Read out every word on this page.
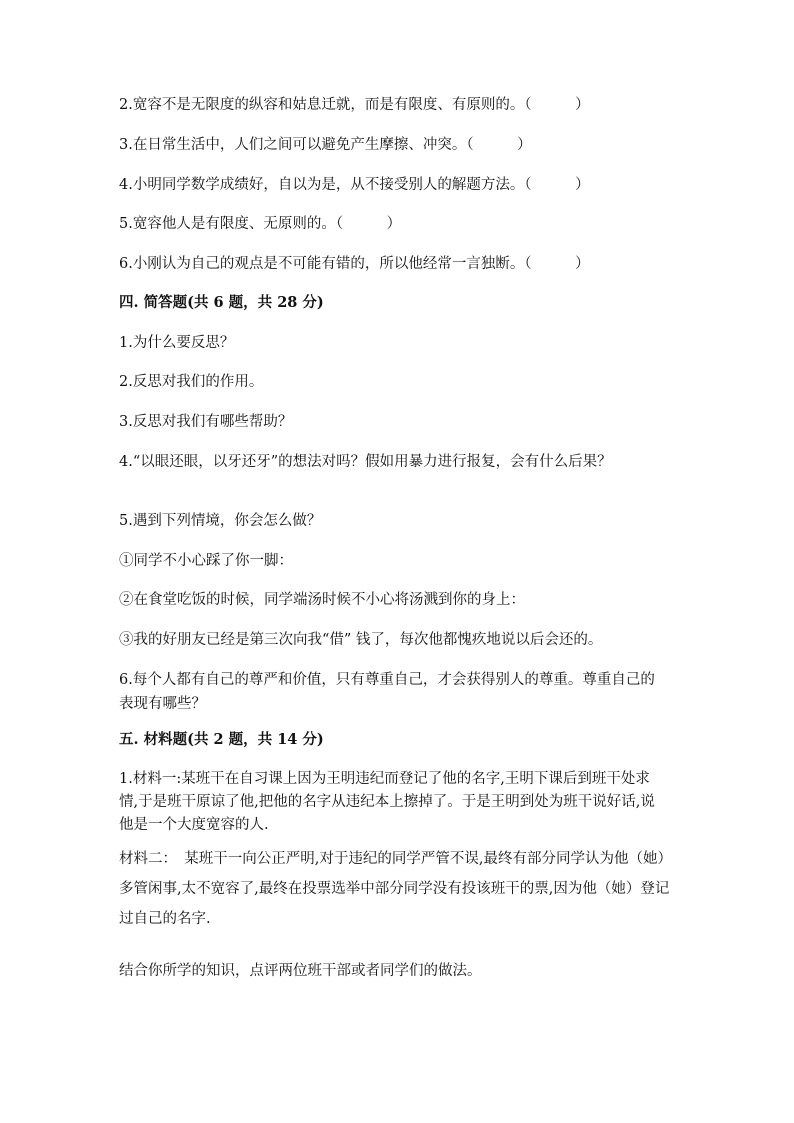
2.宽容不是无限度的纵容和姑息迁就，而是有限度、有原则的。（　　　）
3.在日常生活中，人们之间可以避免产生摩擦、冲突。（　　　）
4.小明同学数学成绩好，自以为是，从不接受别人的解题方法。（　　　）
5.宽容他人是有限度、无原则的。（　　　）
6.小刚认为自己的观点是不可能有错的，所以他经常一言独断。（　　　）
四. 简答题(共 6 题，共 28 分)
1.为什么要反思？
2.反思对我们的作用。
3.反思对我们有哪些帮助？
4.“以眼还眼，以牙还牙”的想法对吗？假如用暴力进行报复，会有什么后果？
5.遇到下列情境，你会怎么做？
①同学不小心踩了你一脚：
②在食堂吃饭的时候，同学端汤时候不小心将汤溅到你的身上：
③我的好朋友已经是第三次向我“借” 钱了，每次他都愧疚地说以后会还的。
6.每个人都有自己的尊严和价值，只有尊重自己，才会获得别人的尊重。尊重自己的表现有哪些？
五. 材料题(共 2 题，共 14 分)
1.材料一:某班干在自习课上因为王明违纪而登记了他的名字,王明下课后到班干处求情,于是班干原谅了他,把他的名字从违纪本上擦掉了。于是王明到处为班干说好话,说他是一个大度宽容的人.
材料二：　某班干一向公正严明,对于违纪的同学严管不误,最终有部分同学认为他（她）多管闲事,太不宽容了,最终在投票选举中部分同学没有投该班干的票,因为他（她）登记过自己的名字.
结合你所学的知识，点评两位班干部或者同学们的做法。
